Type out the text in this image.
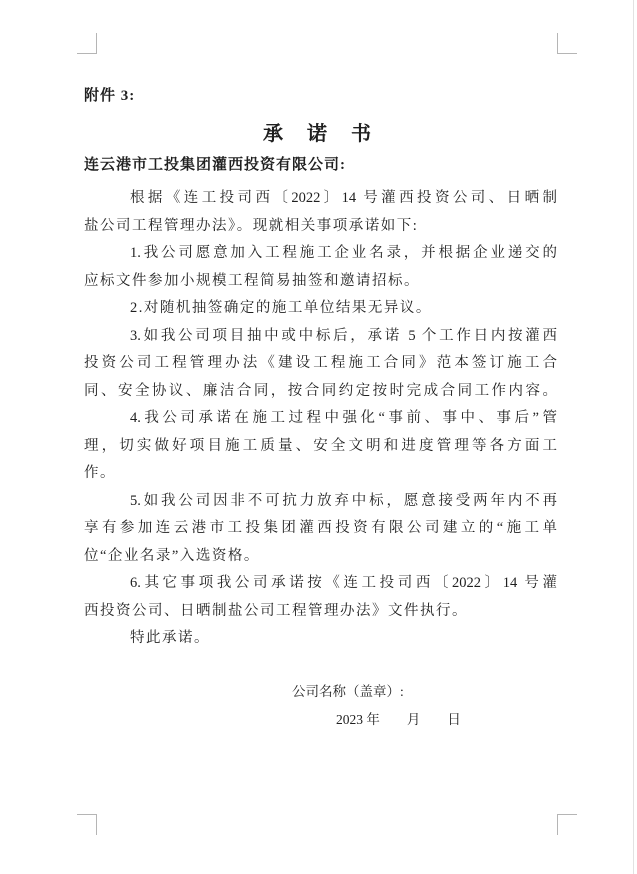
附件 3:
承 诺 书
连云港市工投集团灌西投资有限公司:
根据《连工投司西〔2022〕14 号灌西投资公司、日晒制
盐公司工程管理办法》。现就相关事项承诺如下:
1.我公司愿意加入工程施工企业名录，并根据企业递交的
应标文件参加小规模工程简易抽签和邀请招标。
2.对随机抽签确定的施工单位结果无异议。
3.如我公司项目抽中或中标后，承诺 5 个工作日内按灌西
投资公司工程管理办法《建设工程施工合同》范本签订施工合
同、安全协议、廉洁合同，按合同约定按时完成合同工作内容。
4.我公司承诺在施工过程中强化“事前、事中、事后”管
理，切实做好项目施工质量、安全文明和进度管理等各方面工
作。
5.如我公司因非不可抗力放弃中标，愿意接受两年内不再
享有参加连云港市工投集团灌西投资有限公司建立的“施工单
位“企业名录”入选资格。
6.其它事项我公司承诺按《连工投司西〔2022〕14 号灌
西投资公司、日晒制盐公司工程管理办法》文件执行。
特此承诺。
公司名称（盖章）:
2023 年　　月　　日
